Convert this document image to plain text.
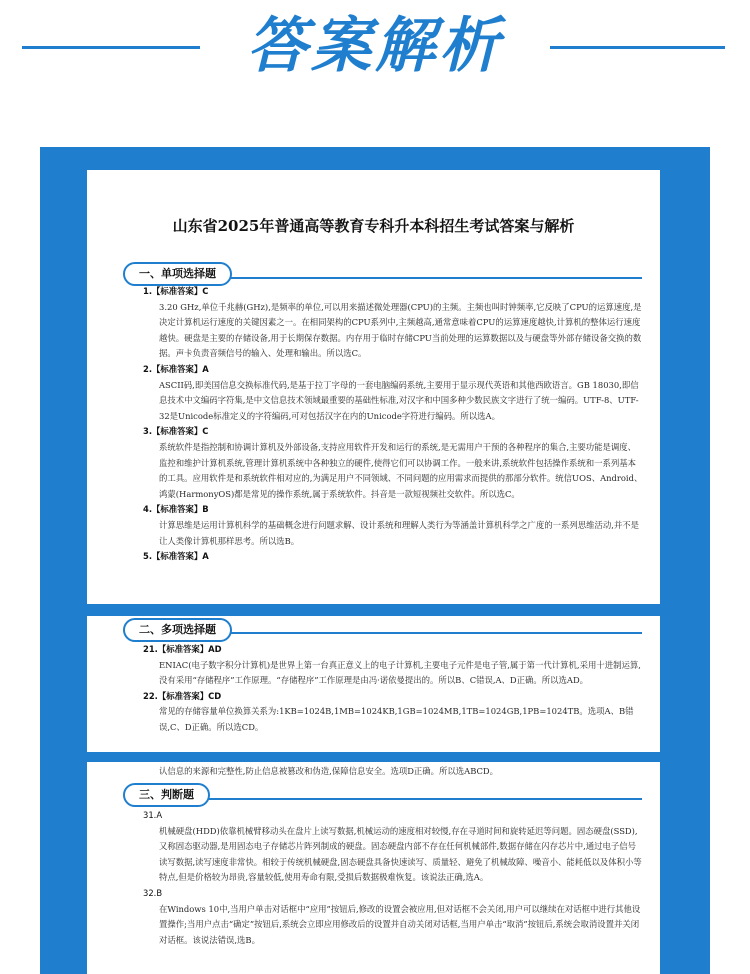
答案解析
山东省2025年普通高等教育专科升本科招生考试答案与解析
一、单项选择题

1.【标准答案】C

3.20 GHz,单位千兆赫(GHz),是频率的单位,可以用来描述微处理器(CPU)的主频。主频也叫时钟频率,它反映了CPU的运算速度,是决定计算机运行速度的关键因素之一。在相同架构的CPU系列中,主频越高,通常意味着CPU的运算速度越快,计算机的整体运行速度越快。硬盘是主要的存储设备,用于长期保存数据。内存用于临时存储CPU当前处理的运算数据以及与硬盘等外部存储设备交换的数据。声卡负责音频信号的输入、处理和输出。所以选C。

2.【标准答案】A

ASCII码,即美国信息交换标准代码,是基于拉丁字母的一套电脑编码系统,主要用于显示现代英语和其他西欧语言。GB 18030,即信息技术中文编码字符集,是中文信息技术领域最重要的基础性标准,对汉字和中国多种少数民族文字进行了统一编码。UTF-8、UTF-32是Unicode标准定义的字符编码,可对包括汉字在内的Unicode字符进行编码。所以选A。

3.【标准答案】C

系统软件是指控制和协调计算机及外部设备,支持应用软件开发和运行的系统,是无需用户干预的各种程序的集合,主要功能是调度、监控和维护计算机系统,管理计算机系统中各种独立的硬件,使得它们可以协调工作。一般来讲,系统软件包括操作系统和一系列基本的工具。应用软件是和系统软件相对应的,为满足用户不同领域、不同问题的应用需求而提供的那部分软件。统信UOS、Android、鸿蒙(HarmonyOS)都是常见的操作系统,属于系统软件。抖音是一款短视频社交软件。所以选C。

4.【标准答案】B

计算思维是运用计算机科学的基础概念进行问题求解、设计系统和理解人类行为等涵盖计算机科学之广度的一系列思维活动,并不是让人类像计算机那样思考。所以选B。

5.【标准答案】A

二、多项选择题

21.【标准答案】AD

ENIAC(电子数字积分计算机)是世界上第一台真正意义上的电子计算机,主要电子元件是电子管,属于第一代计算机,采用十进制运算,没有采用“存储程序”工作原理。“存储程序”工作原理是由冯·诺依曼提出的。所以B、C错误,A、D正确。所以选AD。

22.【标准答案】CD

常见的存储容量单位换算关系为:1KB=1024B,1MB=1024KB,1GB=1024MB,1TB=1024GB,1PB=1024TB。选项A、B错误,C、D正确。所以选CD。

认信息的来源和完整性,防止信息被篡改和伪造,保障信息安全。选项D正确。所以选ABCD。

三、判断题

31.A

机械硬盘(HDD)依靠机械臂移动头在盘片上读写数据,机械运动的速度相对较慢,存在寻道时间和旋转延迟等问题。固态硬盘(SSD),又称固态驱动器,是用固态电子存储芯片阵列制成的硬盘。固态硬盘内部不存在任何机械部件,数据存储在闪存芯片中,通过电子信号读写数据,读写速度非常快。相较于传统机械硬盘,固态硬盘具备快速读写、质量轻、避免了机械故障、噪音小、能耗低以及体积小等特点,但是价格较为昂贵,容量较低,使用寿命有限,受损后数据极难恢复。该说法正确,选A。

32.B

在Windows 10中,当用户单击对话框中“应用”按钮后,修改的设置会被应用,但对话框不会关闭,用户可以继续在对话框中进行其他设置操作;当用户点击“确定”按钮后,系统会立即应用修改后的设置并自动关闭对话框,当用户单击“取消”按钮后,系统会取消设置并关闭对话框。该说法错误,选B。
